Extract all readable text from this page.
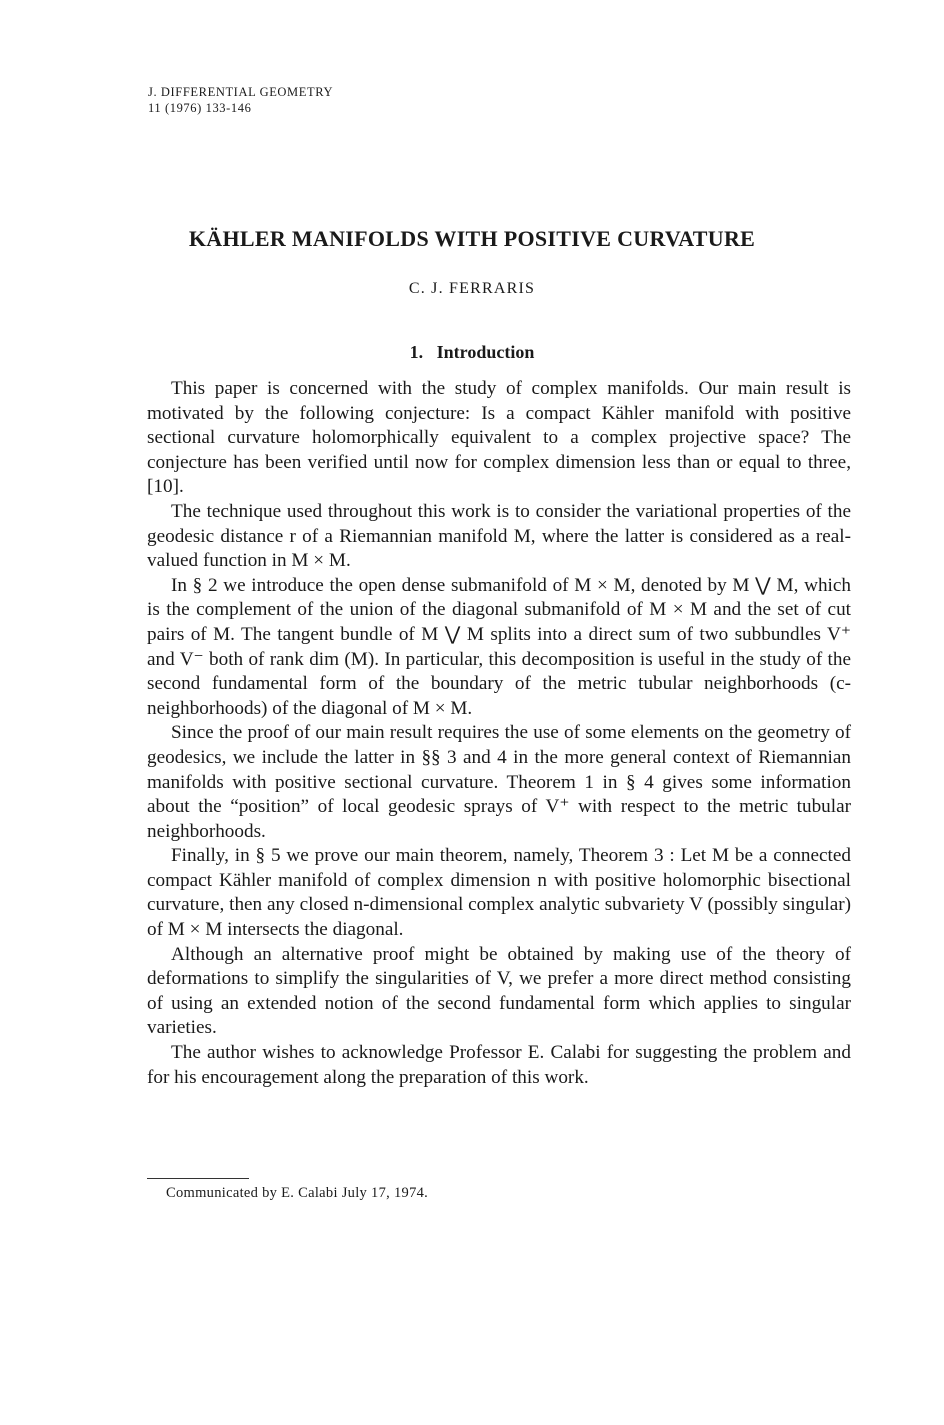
J. DIFFERENTIAL GEOMETRY
11 (1976) 133-146
KÄHLER MANIFOLDS WITH POSITIVE CURVATURE
C. J. FERRARIS
1.   Introduction

This paper is concerned with the study of complex manifolds. Our main result is motivated by the following conjecture: Is a compact Kähler manifold with positive sectional curvature holomorphically equivalent to a complex projective space? The conjecture has been verified until now for complex dimension less than or equal to three, [10].

The technique used throughout this work is to consider the variational properties of the geodesic distance r of a Riemannian manifold M, where the latter is considered as a real-valued function in M × M.

In § 2 we introduce the open dense submanifold of M × M, denoted by M ⋁ M, which is the complement of the union of the diagonal submanifold of M × M and the set of cut pairs of M. The tangent bundle of M ⋁ M splits into a direct sum of two subbundles V⁺ and V⁻ both of rank dim (M). In particular, this decomposition is useful in the study of the second fundamental form of the boundary of the metric tubular neighborhoods (c-neighborhoods) of the diagonal of M × M.

Since the proof of our main result requires the use of some elements on the geometry of geodesics, we include the latter in §§ 3 and 4 in the more general context of Riemannian manifolds with positive sectional curvature. Theorem 1 in § 4 gives some information about the “position” of local geodesic sprays of V⁺ with respect to the metric tubular neighborhoods.

Finally, in § 5 we prove our main theorem, namely, Theorem 3 : Let M be a connected compact Kähler manifold of complex dimension n with positive holomorphic bisectional curvature, then any closed n-dimensional complex analytic subvariety V (possibly singular) of M × M intersects the diagonal.

Although an alternative proof might be obtained by making use of the theory of deformations to simplify the singularities of V, we prefer a more direct method consisting of using an extended notion of the second fundamental form which applies to singular varieties.

The author wishes to acknowledge Professor E. Calabi for suggesting the problem and for his encouragement along the preparation of this work.

Communicated by E. Calabi July 17, 1974.
